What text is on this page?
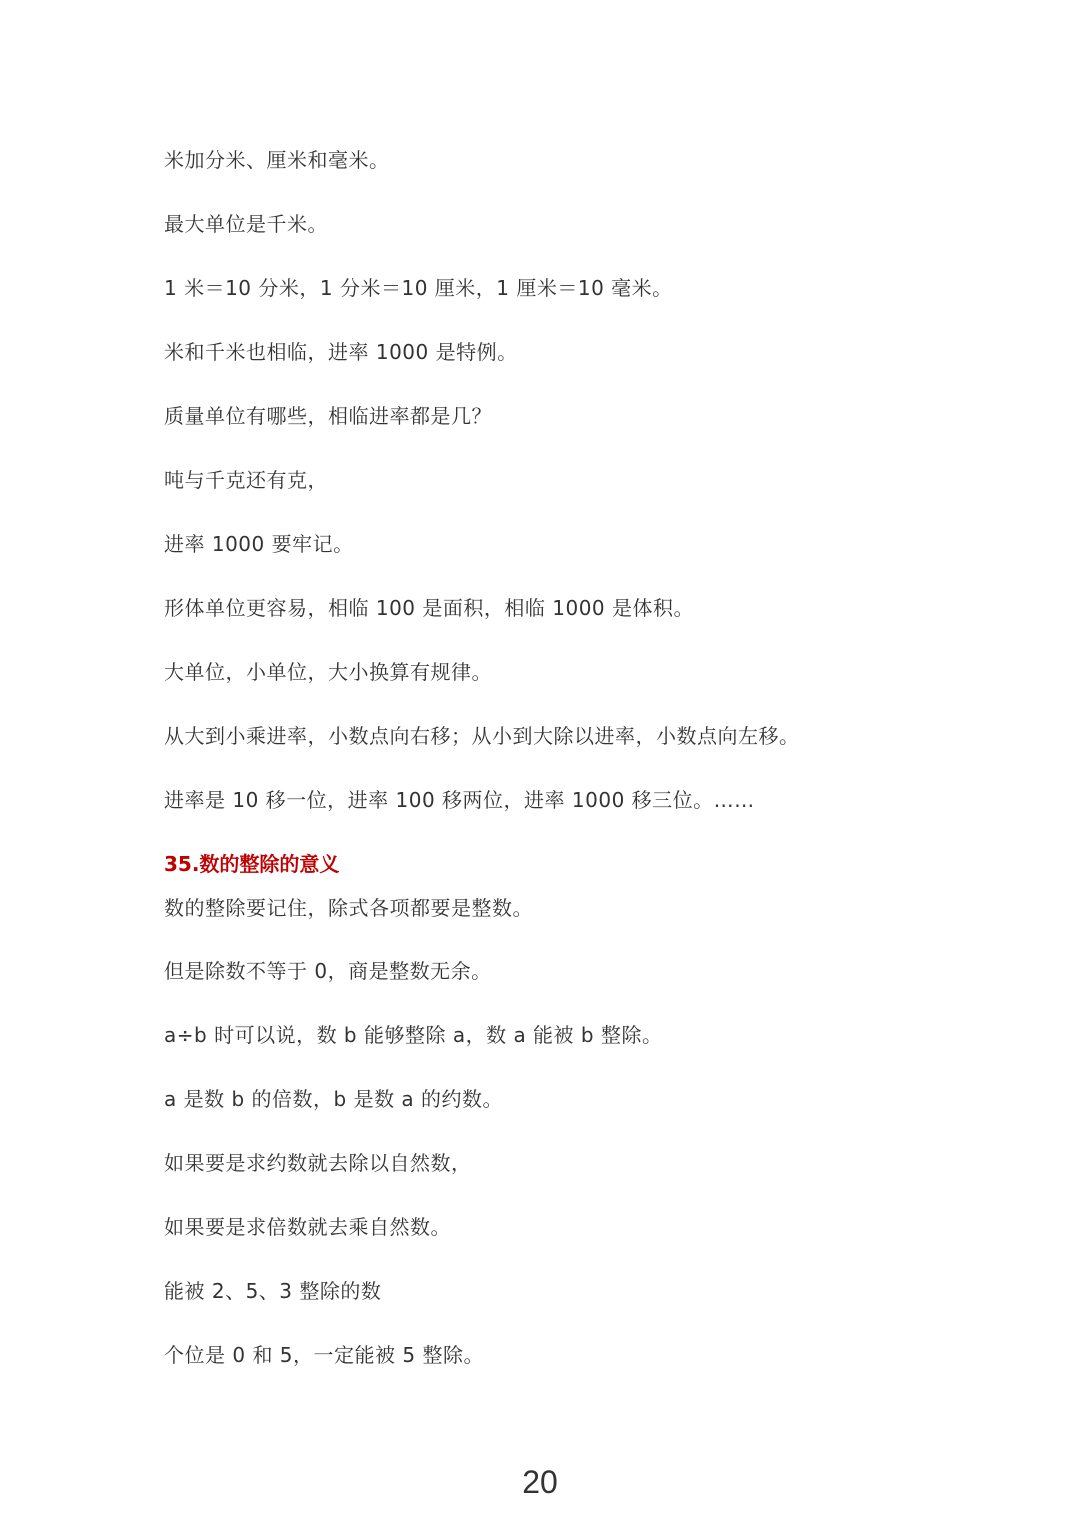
米加分米、厘米和毫米。
最大单位是千米。
1 米＝10 分米，1 分米＝10 厘米，1 厘米＝10 毫米。
米和千米也相临，进率 1000 是特例。
质量单位有哪些，相临进率都是几？
吨与千克还有克，
进率 1000 要牢记。
形体单位更容易，相临 100 是面积，相临 1000 是体积。
大单位，小单位，大小换算有规律。
从大到小乘进率，小数点向右移；从小到大除以进率，小数点向左移。
进率是 10 移一位，进率 100 移两位，进率 1000 移三位。……
35.数的整除的意义
数的整除要记住，除式各项都要是整数。
但是除数不等于 0，商是整数无余。
a÷b 时可以说，数 b 能够整除 a，数 a 能被 b 整除。
a 是数 b 的倍数，b 是数 a 的约数。
如果要是求约数就去除以自然数，
如果要是求倍数就去乘自然数。
能被 2、5、3 整除的数
个位是 0 和 5，一定能被 5 整除。
20
